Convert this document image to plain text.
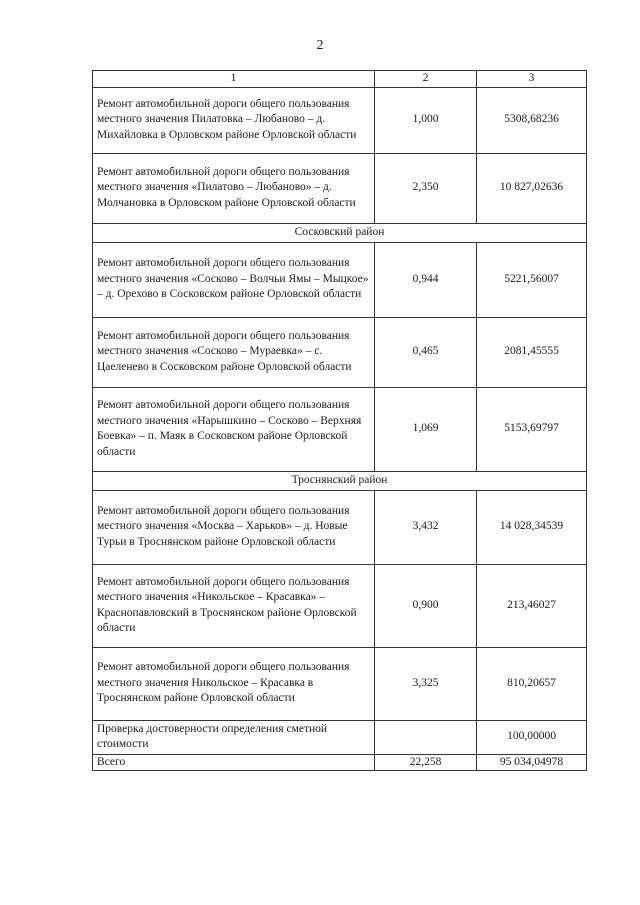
2
1	2	3
Ремонт автомобильной дороги общего пользования местного значения Пилатовка – Любаново – д. Михайловка в Орловском районе Орловской области	1,000	5308,68236
Ремонт автомобильной дороги общего пользования местного значения «Пилатово – Любаново» – д. Молчановка в Орловском районе Орловской области	2,350	10 827,02636
Сосковский район		
Ремонт автомобильной дороги общего пользования местного значения «Сосково – Волчьи Ямы – Мыцкое» – д. Орехово в Сосковском районе Орловской области	0,944	5221,56007
Ремонт автомобильной дороги общего пользования местного значения «Сосково – Мураевка» – с. Цаеленево в Сосковском районе Орловской области	0,465	2081,45555
Ремонт автомобильной дороги общего пользования местного значения «Нарышкино – Сосково – Верхняя Боевка» – п. Маяк в Сосковском районе Орловской области	1,069	5153,69797
Троснянский район		
Ремонт автомобильной дороги общего пользования местного значения «Москва – Харьков» – д. Новые Турьи в Троснянском районе Орловской области	3,432	14 028,34539
Ремонт автомобильной дороги общего пользования местного значения «Никольское – Красавка» – Краснопавловский в Троснянском районе Орловской области	0,900	213,46027
Ремонт автомобильной дороги общего пользования местного значения Никольское – Красавка в Троснянском районе Орловской области	3,325	810,20657
Проверка достоверности определения сметной стоимости		100,00000
Всего	22,258	95 034,04978
